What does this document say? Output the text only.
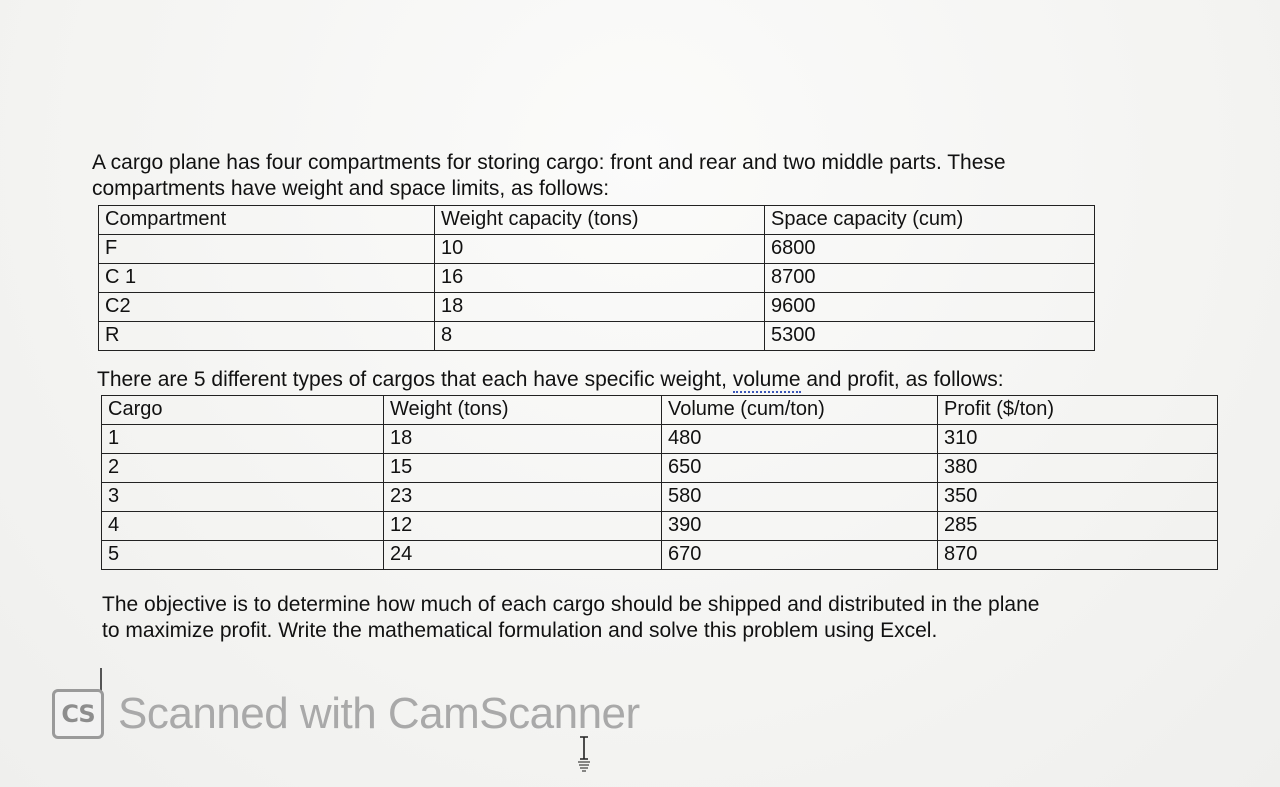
A cargo plane has four compartments for storing cargo: front and rear and two middle parts. These
compartments have weight and space limits, as follows:

Compartment	Weight capacity (tons)	Space capacity (cum)
F	10	6800
C 1	16	8700
C2	18	9600
R	8	5300

There are 5 different types of cargos that each have specific weight, volume and profit, as follows:

Cargo	Weight (tons)	Volume (cum/ton)	Profit ($/ton)
1	18	480	310
2	15	650	380
3	23	580	350
4	12	390	285
5	24	670	870

The objective is to determine how much of each cargo should be shipped and distributed in the plane
to maximize profit. Write the mathematical formulation and solve this problem using Excel.

CS Scanned with CamScanner
